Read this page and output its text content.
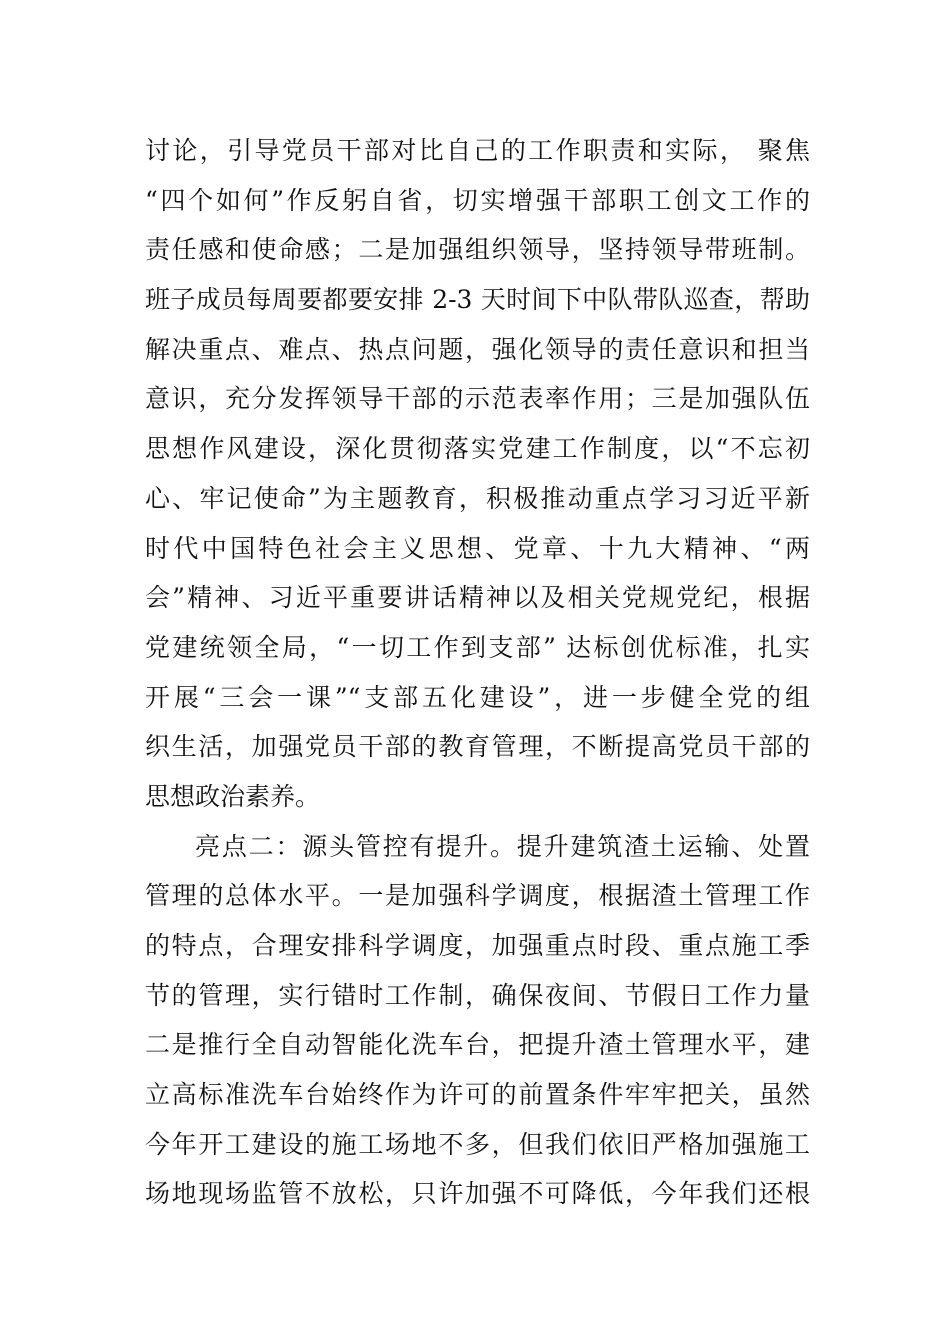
讨论，引导党员干部对比自己的工作职责和实际， 聚焦
“四个如何”作反躬自省，切实增强干部职工创文工作的
责任感和使命感；二是加强组织领导，坚持领导带班制。
班子成员每周要都要安排 2-3 天时间下中队带队巡查，帮助
解决重点、难点、热点问题，强化领导的责任意识和担当
意识，充分发挥领导干部的示范表率作用；三是加强队伍
思想作风建设，深化贯彻落实党建工作制度，以“不忘初
心、牢记使命”为主题教育，积极推动重点学习习近平新
时代中国特色社会主义思想、党章、十九大精神、“两
会”精神、习近平重要讲话精神以及相关党规党纪，根据
党建统领全局，“一切工作到支部” 达标创优标准，扎实
开展“三会一课”“支部五化建设”，进一步健全党的组
织生活，加强党员干部的教育管理，不断提高党员干部的
思想政治素养。
亮点二：源头管控有提升。提升建筑渣土运输、处置
管理的总体水平。一是加强科学调度，根据渣土管理工作
的特点，合理安排科学调度，加强重点时段、重点施工季
节的管理，实行错时工作制，确保夜间、节假日工作力量
二是推行全自动智能化洗车台，把提升渣土管理水平，建
立高标准洗车台始终作为许可的前置条件牢牢把关，虽然
今年开工建设的施工场地不多，但我们依旧严格加强施工
场地现场监管不放松，只许加强不可降低，今年我们还根
